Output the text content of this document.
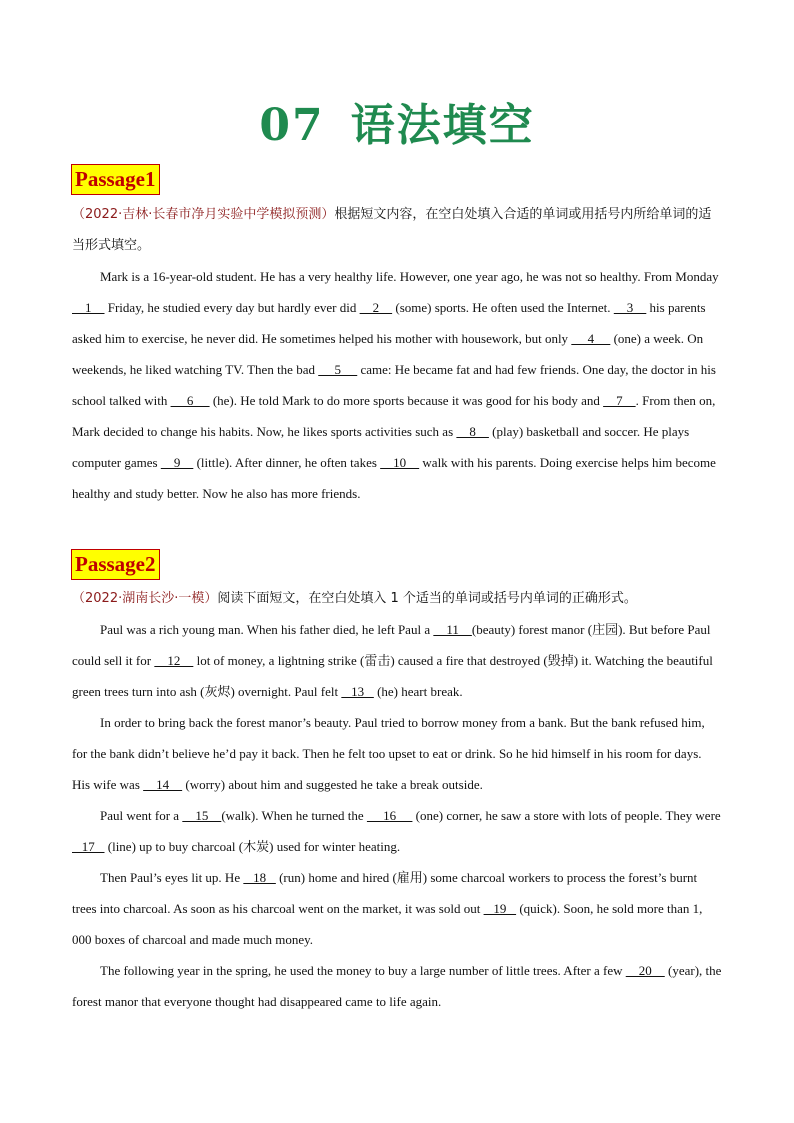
07 语法填空
Passage1
（2022·吉林·长春市净月实验中学模拟预测）根据短文内容，在空白处填入合适的单词或用括号内所给单词的适当形式填空。

Mark is a 16-year-old student. He has a very healthy life. However, one year ago, he was not so healthy. From Monday     1     Friday, he studied every day but hardly ever did     2     (some) sports. He often used the Internet.     3     his parents asked him to exercise, he never did. He sometimes helped his mother with housework, but only      4      (one) a week. On weekends, he liked watching TV. Then the bad      5      came: He became fat and had few friends. One day, the doctor in his school talked with      6      (he). He told Mark to do more sports because it was good for his body and     7    . From then on, Mark decided to change his habits. Now, he likes sports activities such as     8     (play) basketball and soccer. He plays computer games     9     (little). After dinner, he often takes     10     walk with his parents. Doing exercise helps him become healthy and study better. Now he also has more friends.

Passage2
（2022·湖南长沙·一模）阅读下面短文，在空白处填入 1 个适当的单词或括号内单词的正确形式。

Paul was a rich young man. When his father died, he left Paul a     11    (beauty) forest manor (庄园). But before Paul could sell it for     12     lot of money, a lightning strike (雷击) caused a fire that destroyed (毁掉) it. Watching the beautiful green trees turn into ash (灰烬) overnight. Paul felt    13    (he) heart break.

In order to bring back the forest manor’s beauty. Paul tried to borrow money from a bank. But the bank refused him, for the bank didn’t believe he’d pay it back. Then he felt too upset to eat or drink. So he hid himself in his room for days. His wife was     14     (worry) about him and suggested he take a break outside.

Paul went for a     15    (walk). When he turned the      16      (one) corner, he saw a store with lots of people. They were    17    (line) up to buy charcoal (木炭) used for winter heating.

Then Paul’s eyes lit up. He    18    (run) home and hired (雇用) some charcoal workers to process the forest’s burnt trees into charcoal. As soon as his charcoal went on the market, it was sold out    19    (quick). Soon, he sold more than 1, 000 boxes of charcoal and made much money.

The following year in the spring, he used the money to buy a large number of little trees. After a few     20     (year), the forest manor that everyone thought had disappeared came to life again.
